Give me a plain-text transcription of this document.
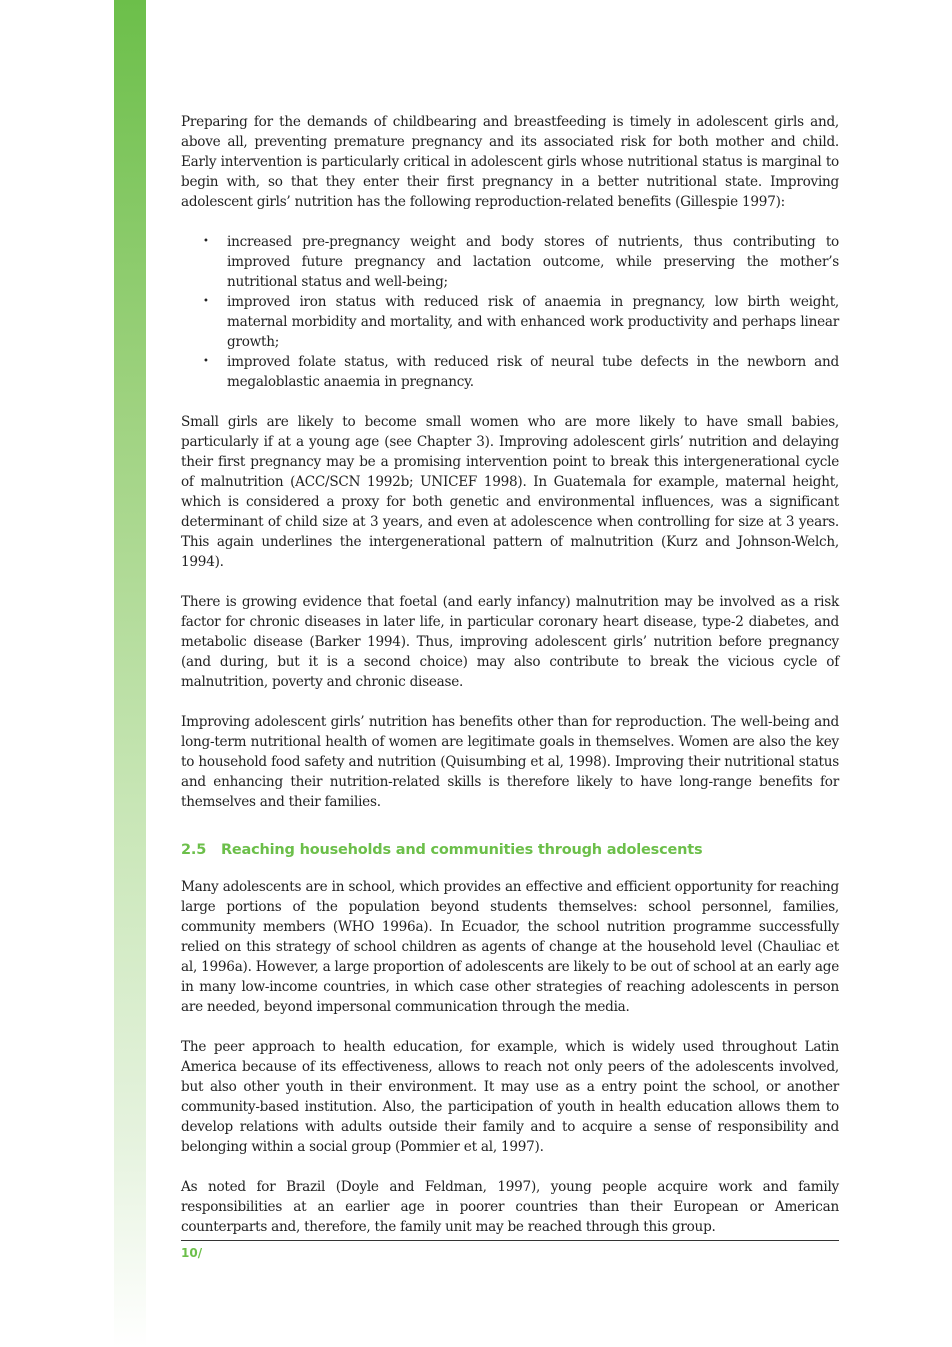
Preparing for the demands of childbearing and breastfeeding is timely in adolescent girls and, above all, preventing premature pregnancy and its associated risk for both mother and child. Early intervention is particularly critical in adolescent girls whose nutritional status is marginal to begin with, so that they enter their first pregnancy in a better nutritional state. Improving adolescent girls’ nutrition has the following reproduction-related benefits (Gillespie 1997):

• increased pre-pregnancy weight and body stores of nutrients, thus contributing to improved future pregnancy and lactation outcome, while preserving the mother’s nutritional status and well-being;
• improved iron status with reduced risk of anaemia in pregnancy, low birth weight, maternal morbidity and mortality, and with enhanced work productivity and perhaps linear growth;
• improved folate status, with reduced risk of neural tube defects in the newborn and megaloblastic anaemia in pregnancy.

Small girls are likely to become small women who are more likely to have small babies, particularly if at a young age (see Chapter 3). Improving adolescent girls’ nutrition and delaying their first pregnancy may be a promising intervention point to break this intergenerational cycle of malnutrition (ACC/SCN 1992b; UNICEF 1998). In Guatemala for example, maternal height, which is considered a proxy for both genetic and environmental influences, was a significant determinant of child size at 3 years, and even at adolescence when controlling for size at 3 years. This again underlines the intergenerational pattern of malnutrition (Kurz and Johnson-Welch, 1994).

There is growing evidence that foetal (and early infancy) malnutrition may be involved as a risk factor for chronic diseases in later life, in particular coronary heart disease, type-2 diabetes, and metabolic disease (Barker 1994). Thus, improving adolescent girls’ nutrition before pregnancy (and during, but it is a second choice) may also contribute to break the vicious cycle of malnutrition, poverty and chronic disease.

Improving adolescent girls’ nutrition has benefits other than for reproduction. The well-being and long-term nutritional health of women are legitimate goals in themselves. Women are also the key to household food safety and nutrition (Quisumbing et al, 1998). Improving their nutritional status and enhancing their nutrition-related skills is therefore likely to have long-range benefits for themselves and their families.

2.5 Reaching households and communities through adolescents

Many adolescents are in school, which provides an effective and efficient opportunity for reaching large portions of the population beyond students themselves: school personnel, families, community members (WHO 1996a). In Ecuador, the school nutrition programme successfully relied on this strategy of school children as agents of change at the household level (Chauliac et al, 1996a). However, a large proportion of adolescents are likely to be out of school at an early age in many low-income countries, in which case other strategies of reaching adolescents in person are needed, beyond impersonal communication through the media.

The peer approach to health education, for example, which is widely used throughout Latin America because of its effectiveness, allows to reach not only peers of the adolescents involved, but also other youth in their environment. It may use as a entry point the school, or another community-based institution. Also, the participation of youth in health education allows them to develop relations with adults outside their family and to acquire a sense of responsibility and belonging within a social group (Pommier et al, 1997).

As noted for Brazil (Doyle and Feldman, 1997), young people acquire work and family responsibilities at an earlier age in poorer countries than their European or American counterparts and, therefore, the family unit may be reached through this group.

10/
